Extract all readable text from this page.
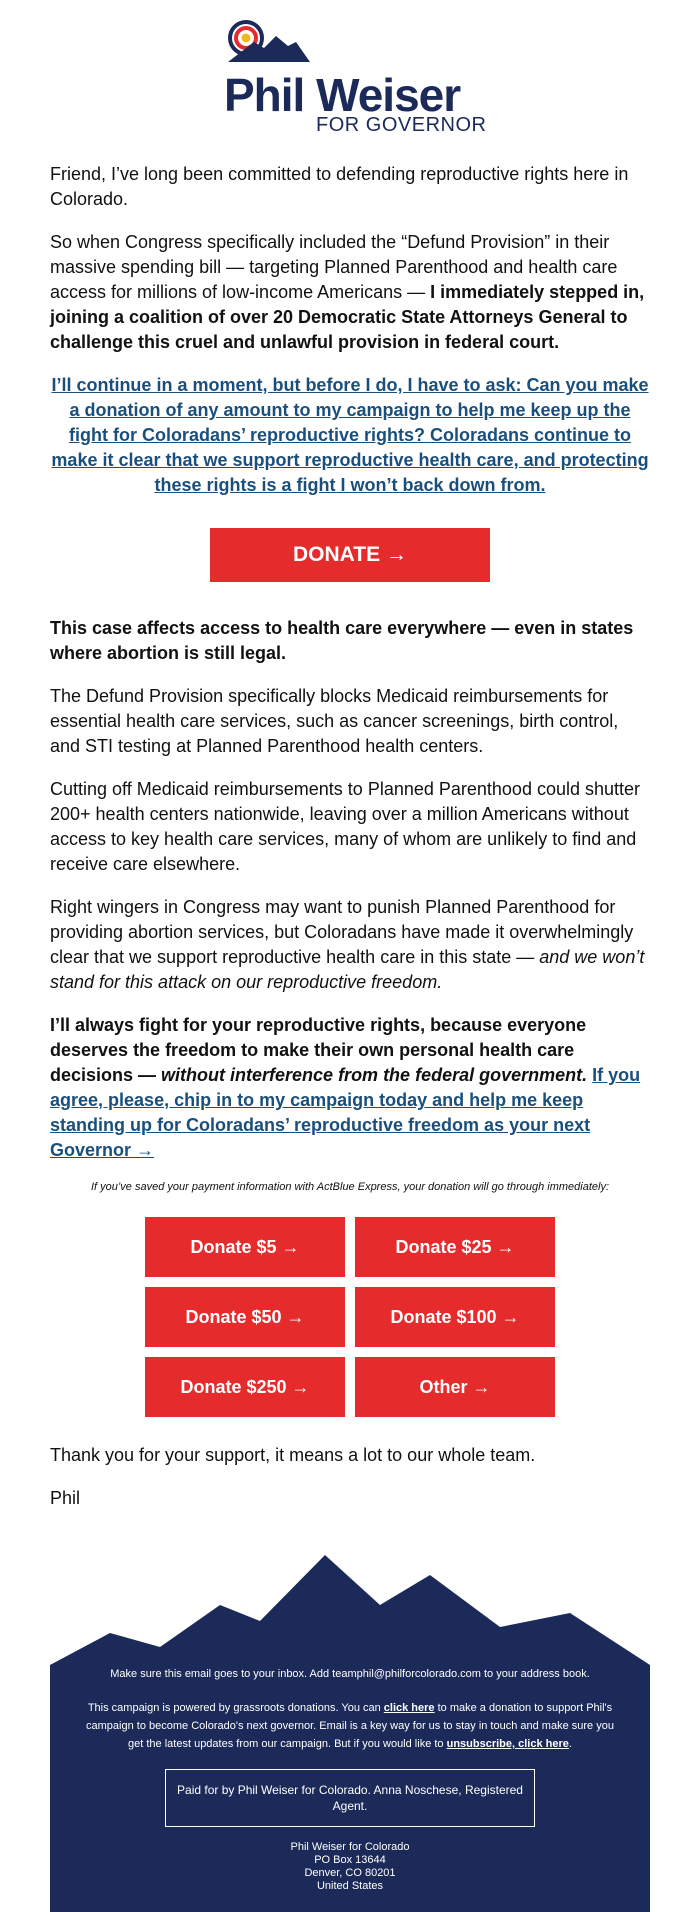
Phil Weiser
FOR GOVERNOR

Friend, I’ve long been committed to defending reproductive rights here in Colorado.

So when Congress specifically included the “Defund Provision” in their massive spending bill — targeting Planned Parenthood and health care access for millions of low-income Americans — I immediately stepped in, joining a coalition of over 20 Democratic State Attorneys General to challenge this cruel and unlawful provision in federal court.

I’ll continue in a moment, but before I do, I have to ask: Can you make a donation of any amount to my campaign to help me keep up the fight for Coloradans’ reproductive rights? Coloradans continue to make it clear that we support reproductive health care, and protecting these rights is a fight I won’t back down from.

DONATE →

This case affects access to health care everywhere — even in states where abortion is still legal.

The Defund Provision specifically blocks Medicaid reimbursements for essential health care services, such as cancer screenings, birth control, and STI testing at Planned Parenthood health centers.

Cutting off Medicaid reimbursements to Planned Parenthood could shutter 200+ health centers nationwide, leaving over a million Americans without access to key health care services, many of whom are unlikely to find and receive care elsewhere.

Right wingers in Congress may want to punish Planned Parenthood for providing abortion services, but Coloradans have made it overwhelmingly clear that we support reproductive health care in this state — and we won’t stand for this attack on our reproductive freedom.

I’ll always fight for your reproductive rights, because everyone deserves the freedom to make their own personal health care decisions — without interference from the federal government. If you agree, please, chip in to my campaign today and help me keep standing up for Coloradans’ reproductive freedom as your next Governor →

If you’ve saved your payment information with ActBlue Express, your donation will go through immediately:

Donate $5 →	Donate $25 →
Donate $50 →	Donate $100 →
Donate $250 →	Other →

Thank you for your support, it means a lot to our whole team.

Phil

Make sure this email goes to your inbox. Add teamphil@philforcolorado.com to your address book.

This campaign is powered by grassroots donations. You can click here to make a donation to support Phil's campaign to become Colorado's next governor. Email is a key way for us to stay in touch and make sure you get the latest updates from our campaign. But if you would like to unsubscribe, click here.

Paid for by Phil Weiser for Colorado. Anna Noschese, Registered Agent.
Phil Weiser for Colorado
PO Box 13644
Denver, CO 80201
United States
